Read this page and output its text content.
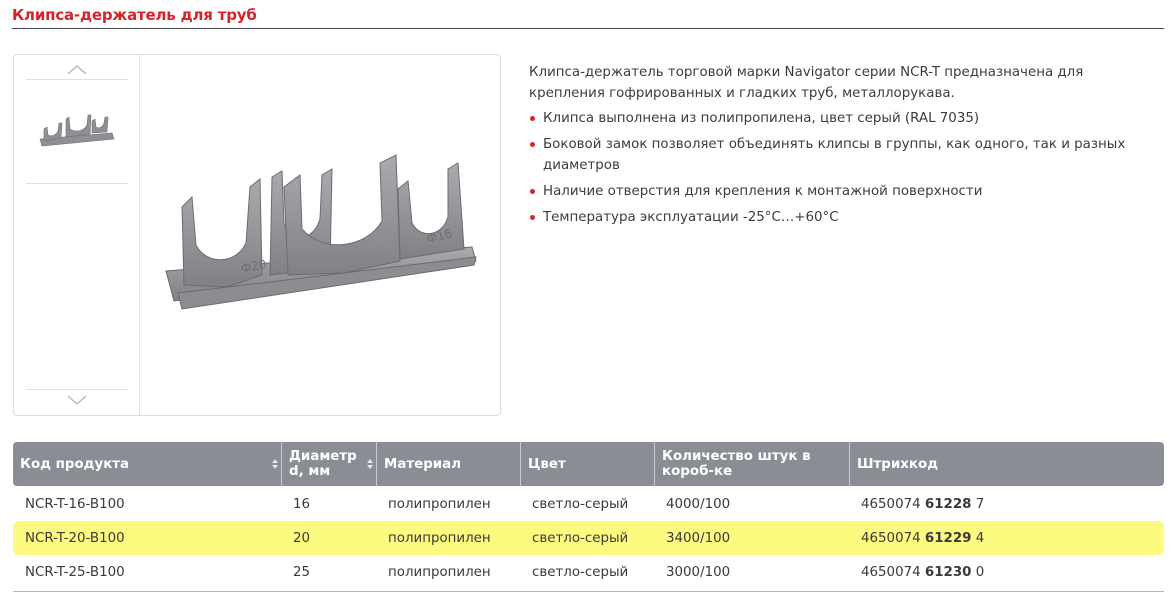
Клипса-держатель для труб
Ф20
Ф16

Клипса-держатель торговой марки Navigator серии NCR-T предназначена для крепления гофрированных и гладких труб, металлорукава.

Клипса выполнена из полипропилена, цвет серый (RAL 7035)
Боковой замок позволяет объединять клипсы в группы, как одного, так и разных диаметров
Наличие отверстия для крепления к монтажной поверхности
Температура эксплуатации -25°C…+60°C
Код продукта	Диаметр d, мм	Материал	Цвет	Количество штук в короб-ке	Штрихкод
NCR-T-16-B100	16	полипропилен	светло-серый	4000/100	4650074 61228 7
NCR-T-20-B100	20	полипропилен	светло-серый	3400/100	4650074 61229 4
NCR-T-25-B100	25	полипропилен	светло-серый	3000/100	4650074 61230 0
